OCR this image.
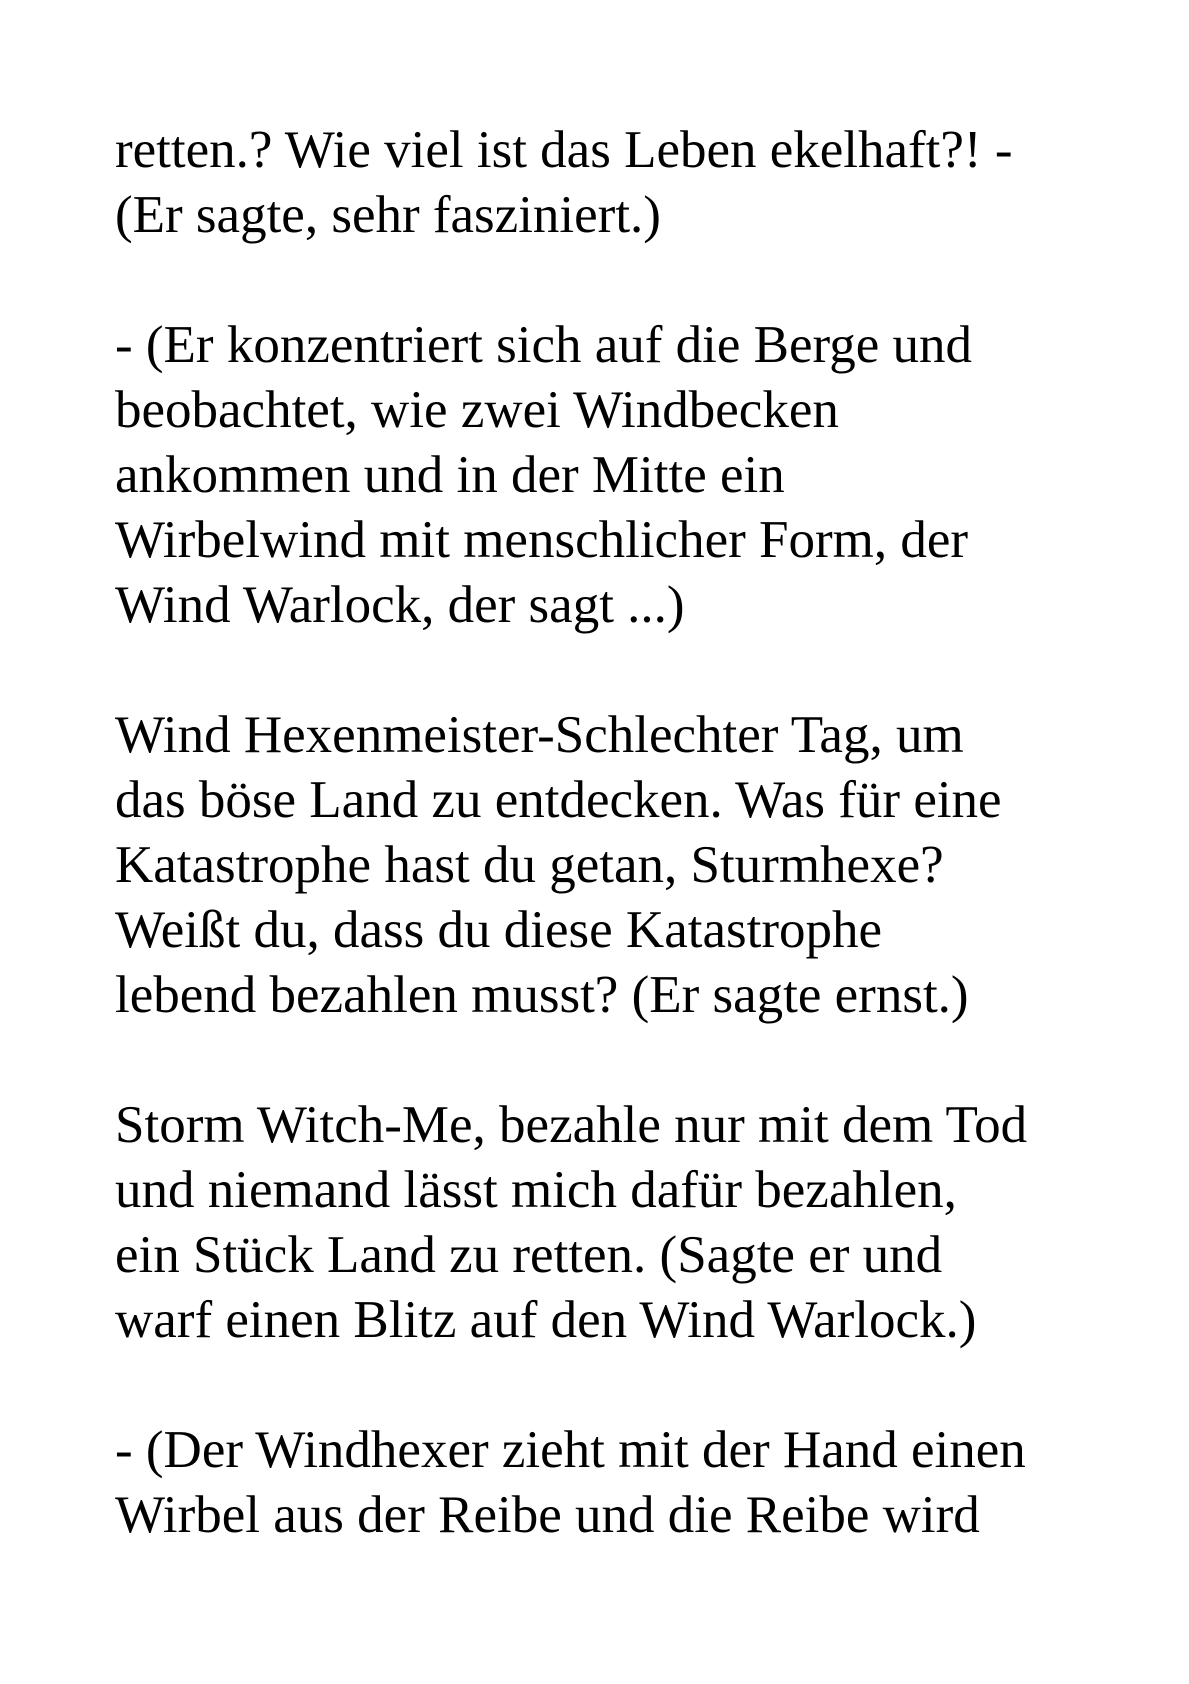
retten.? Wie viel ist das Leben ekelhaft?! -
(Er sagte, sehr fasziniert.)
- (Er konzentriert sich auf die Berge und
beobachtet, wie zwei Windbecken
ankommen und in der Mitte ein
Wirbelwind mit menschlicher Form, der
Wind Warlock, der sagt ...)
Wind Hexenmeister-Schlechter Tag, um
das böse Land zu entdecken. Was für eine
Katastrophe hast du getan, Sturmhexe?
Weißt du, dass du diese Katastrophe
lebend bezahlen musst? (Er sagte ernst.)
Storm Witch-Me, bezahle nur mit dem Tod
und niemand lässt mich dafür bezahlen,
ein Stück Land zu retten. (Sagte er und
warf einen Blitz auf den Wind Warlock.)
- (Der Windhexer zieht mit der Hand einen
Wirbel aus der Reibe und die Reibe wird
